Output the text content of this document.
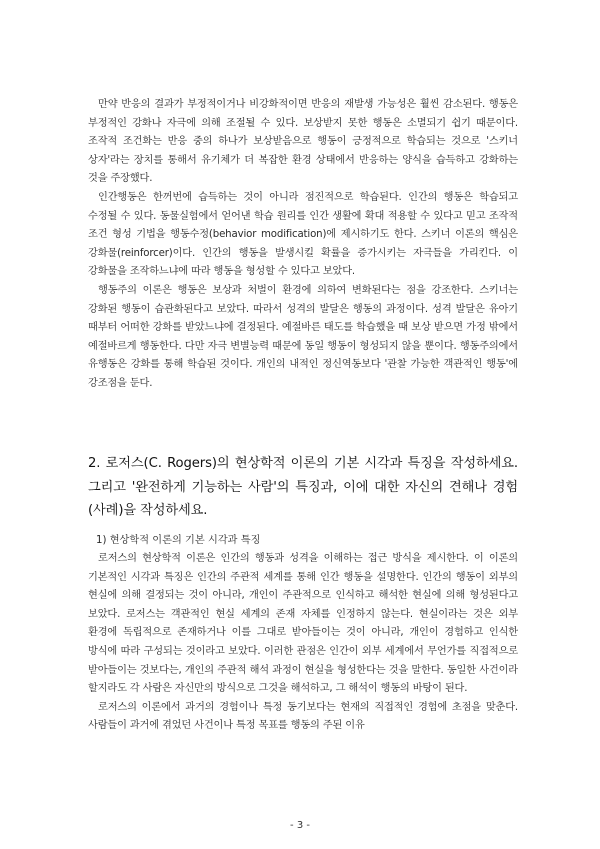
만약 반응의 결과가 부정적이거나 비강화적이면 반응의 재발생 가능성은 훨씬 감소된다. 행동은 부정적인 강화나 자극에 의해 조절될 수 있다. 보상받지 못한 행동은 소멸되기 쉽기 때문이다. 조작적 조건화는 반응 중의 하나가 보상받음으로 행동이 긍정적으로 학습되는 것으로 '스키너 상자'라는 장치를 통해서 유기체가 더 복잡한 환경 상태에서 반응하는 양식을 습득하고 강화하는 것을 주장했다.

인간행동은 한꺼번에 습득하는 것이 아니라 점진적으로 학습된다. 인간의 행동은 학습되고 수정될 수 있다. 동물실험에서 얻어낸 학습 원리를 인간 생활에 확대 적용할 수 있다고 믿고 조작적 조건 형성 기법을 행동수정(behavior modification)에 제시하기도 한다. 스키너 이론의 핵심은 강화물(reinforcer)이다. 인간의 행동을 발생시킬 확률을 증가시키는 자극들을 가리킨다. 이 강화물을 조작하느냐에 따라 행동을 형성할 수 있다고 보았다.

행동주의 이론은 행동은 보상과 처벌이 환경에 의하여 변화된다는 점을 강조한다. 스키너는 강화된 행동이 습관화된다고 보았다. 따라서 성격의 발달은 행동의 과정이다. 성격 발달은 유아기 때부터 어떠한 강화를 받았느냐에 결정된다. 예절바른 태도를 학습했을 때 보상 받으면 가정 밖에서 예절바르게 행동한다. 다만 자극 변별능력 때문에 동일 행동이 형성되지 않을 뿐이다. 행동주의에서 유행동은 강화를 통해 학습된 것이다. 개인의 내적인 정신역동보다 '관찰 가능한 객관적인 행동'에 강조점을 둔다.

2. 로저스(C. Rogers)의 현상학적 이론의 기본 시각과 특징을 작성하세요. 그리고 '완전하게 기능하는 사람'의 특징과, 이에 대한 자신의 견해나 경험(사례)을 작성하세요.
1) 현상학적 이론의 기본 시각과 특징

로저스의 현상학적 이론은 인간의 행동과 성격을 이해하는 접근 방식을 제시한다. 이 이론의 기본적인 시각과 특징은 인간의 주관적 세계를 통해 인간 행동을 설명한다. 인간의 행동이 외부의 현실에 의해 결정되는 것이 아니라, 개인이 주관적으로 인식하고 해석한 현실에 의해 형성된다고 보았다. 로저스는 객관적인 현실 세계의 존재 자체를 인정하지 않는다. 현실이라는 것은 외부 환경에 독립적으로 존재하거나 이를 그대로 받아들이는 것이 아니라, 개인이 경험하고 인식한 방식에 따라 구성되는 것이라고 보았다. 이러한 관점은 인간이 외부 세계에서 무언가를 직접적으로 받아들이는 것보다는, 개인의 주관적 해석 과정이 현실을 형성한다는 것을 말한다. 동일한 사건이라 할지라도 각 사람은 자신만의 방식으로 그것을 해석하고, 그 해석이 행동의 바탕이 된다.

로저스의 이론에서 과거의 경험이나 특정 동기보다는 현재의 직접적인 경험에 초점을 맞춘다. 사람들이 과거에 겪었던 사건이나 특정 목표를 행동의 주된 이유

- 3 -
